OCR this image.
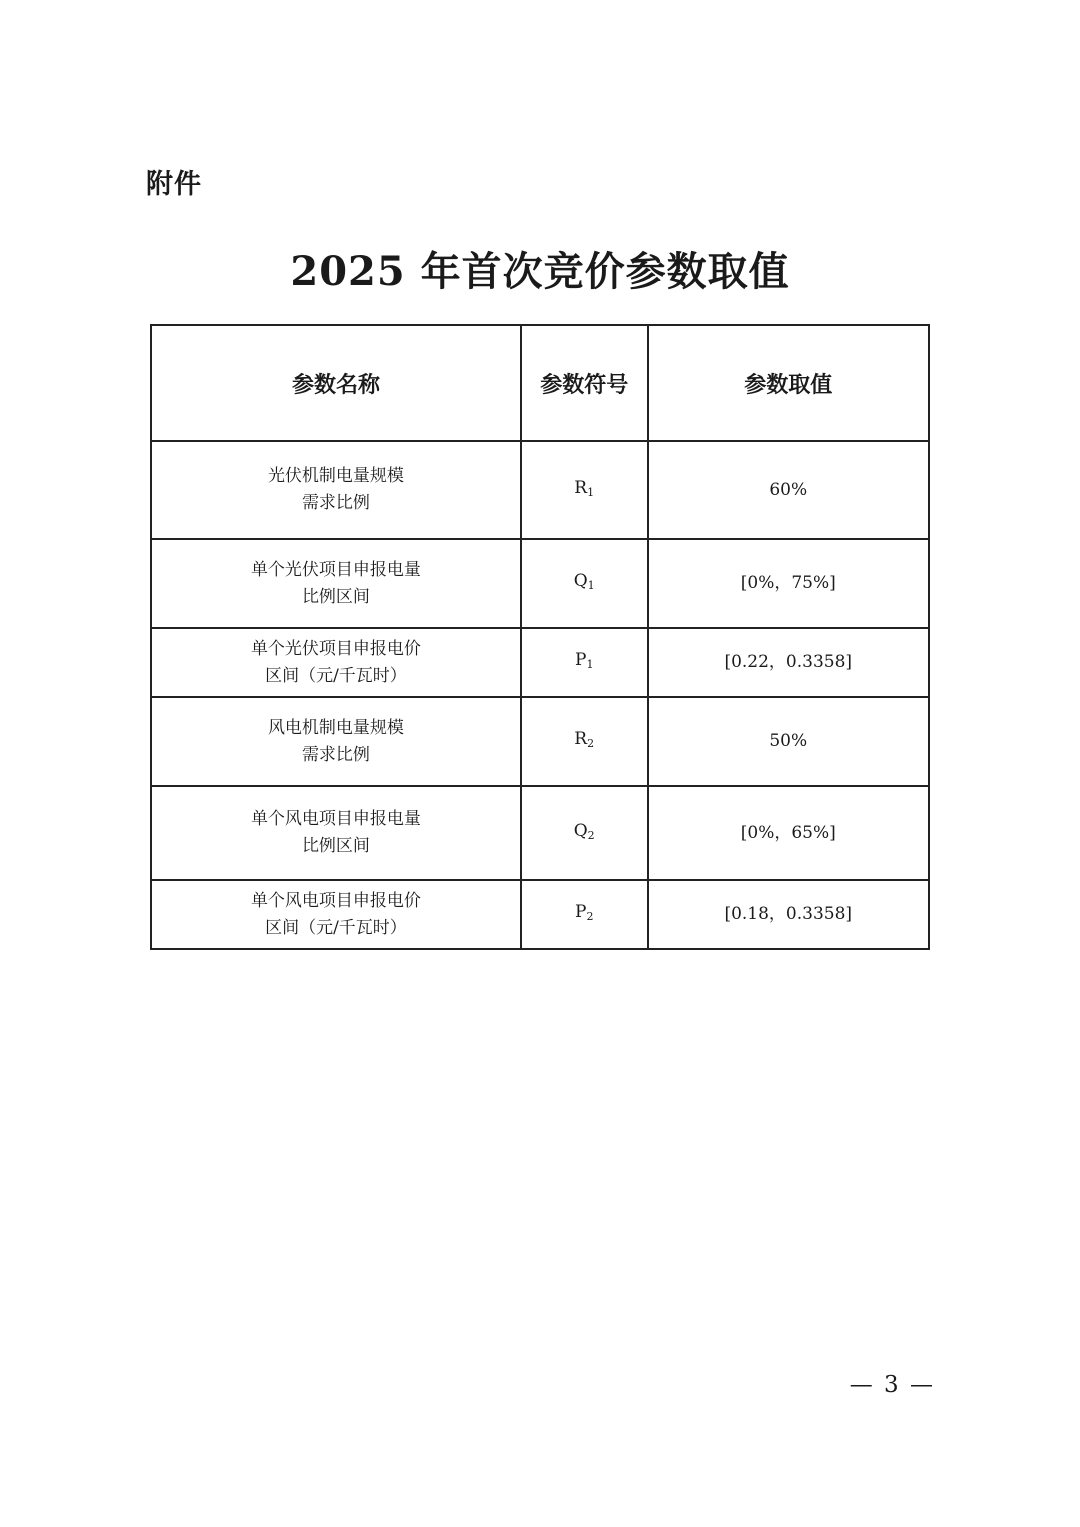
附件
2025 年首次竞价参数取值
参数名称	参数符号	参数取值

光伏机制电量规模
需求比例	R1	60%

单个光伏项目申报电量
比例区间	Q1	[0%，75%]

单个光伏项目申报电价
区间（元/千瓦时）	P1	[0.22，0.3358]

风电机制电量规模
需求比例	R2	50%

单个风电项目申报电量
比例区间	Q2	[0%，65%]

单个风电项目申报电价
区间（元/千瓦时）	P2	[0.18，0.3358]
— 3 —
